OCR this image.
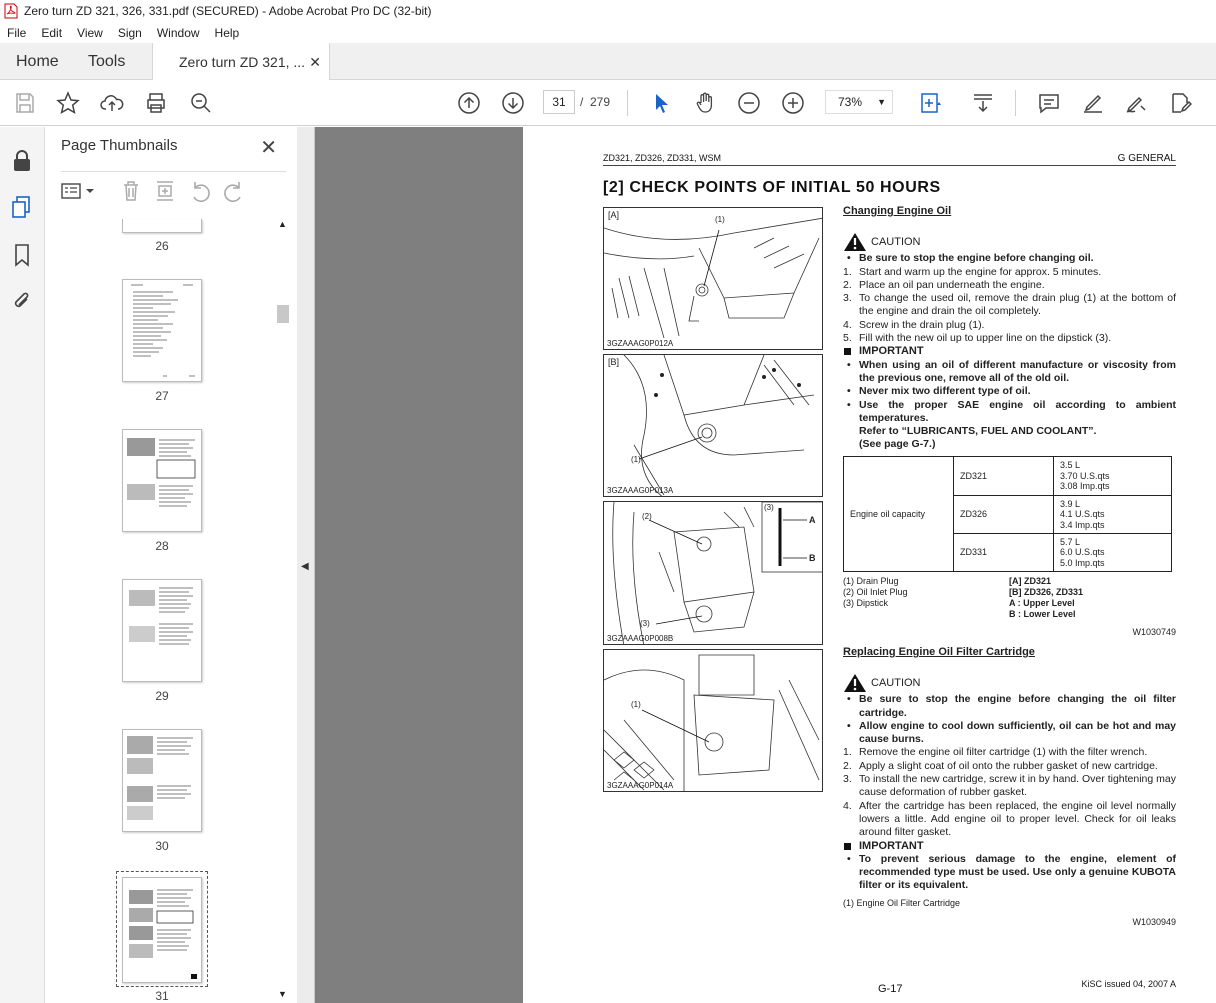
Zero turn ZD 321, 326, 331.pdf (SECURED) - Adobe Acrobat Pro DC (32-bit)
File	Edit	View	Sign	Window	Help
Home Tools	Zero turn ZD 321, ... ✕
31	/ 279	73% ▼
Page Thumbnails	✕
26
27
28
29
30
31
▲
▼
◀
ZD321, ZD326, ZD331, WSM	G GENERAL
[2] CHECK POINTS OF INITIAL 50 HOURS
[A]	(1)
3GZAAAG0P012A
[B]
(1)
3GZAAAG0P013A
(2)
(3)
(3)
A
B
3GZAAAG0P008B
(1)
3GZAAAG0P014A
Changing Engine Oil
CAUTION
• Be sure to stop the engine before changing oil.
1. Start and warm up the engine for approx. 5 minutes.
2. Place an oil pan underneath the engine.
3. To change the used oil, remove the drain plug (1) at the bottom of the engine and drain the oil completely.
4. Screw in the drain plug (1).
5. Fill with the new oil up to upper line on the dipstick (3).
IMPORTANT
• When using an oil of different manufacture or viscosity from the previous one, remove all of the old oil.
• Never mix two different type of oil.
• Use the proper SAE engine oil according to ambient temperatures.
Refer to “LUBRICANTS, FUEL AND COOLANT”.
(See page G-7.)
Engine oil capacity	ZD321	3.5 L
3.70 U.S.qts
3.08 Imp.qts

	ZD326	3.9 L
4.1 U.S.qts
3.4 Imp.qts

	ZD331	5.7 L
6.0 U.S.qts
5.0 Imp.qts
(1) Drain Plug
(2) Oil Inlet Plug
(3) Dipstick
[A] ZD321
[B] ZD326, ZD331
A : Upper Level
B : Lower Level
W1030749
Replacing Engine Oil Filter Cartridge
CAUTION
• Be sure to stop the engine before changing the oil filter cartridge.
• Allow engine to cool down sufficiently, oil can be hot and may cause burns.
1. Remove the engine oil filter cartridge (1) with the filter wrench.
2. Apply a slight coat of oil onto the rubber gasket of new cartridge.
3. To install the new cartridge, screw it in by hand. Over tightening may cause deformation of rubber gasket.
4. After the cartridge has been replaced, the engine oil level normally lowers a little. Add engine oil to proper level. Check for oil leaks around filter gasket.
IMPORTANT
• To prevent serious damage to the engine, element of recommended type must be used. Use only a genuine KUBOTA filter or its equivalent.
(1) Engine Oil Filter Cartridge
W1030949
G-17	KiSC issued 04, 2007 A
